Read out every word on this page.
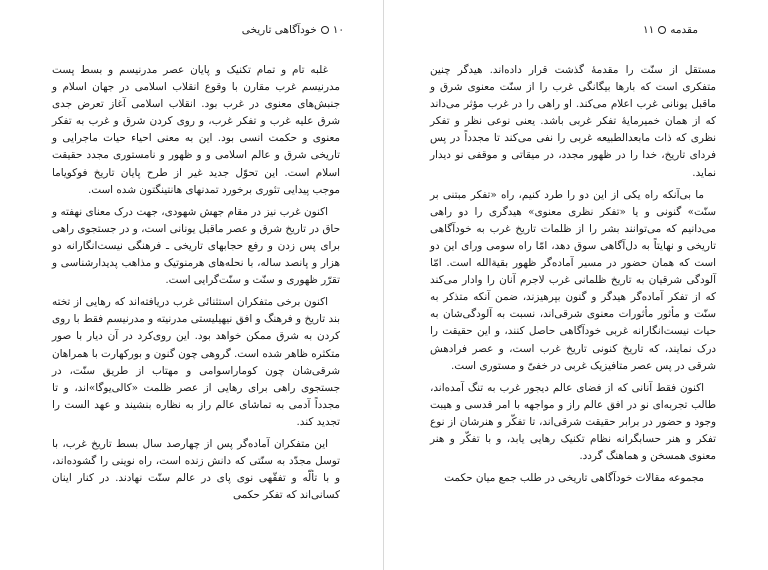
۱۰
خودآگاهی تاریخی

غلبه تام و تمام تکنیک و پایان عصر مدرنیسم و بسط پست مدرنیسم غرب مقارن با وقوع انقلاب اسلامی در جهان اسلام و جنبش‌های معنوی در غرب بود. انقلاب اسلامی آغاز تعرض جدی شرق علیه غرب و تفکر غرب، و روی کردن شرق و غرب به تفکر معنوی و حکمت انسی بود. این به معنی احیاء حیات ماجرایی و تاریخی شرق و عالم اسلامی و و ظهور و نامستوری مجدد حقیقت اسلام است. این تحوّل جدید غیر از طرح پایان تاریخ فوکویاما موجب پیدایی تئوری برخورد تمدنهای هانتینگتون شده است.

اکنون غرب نیز در مقام جهش شهودی، جهت درک معنای نهفته و حاق در تاریخ شرق و عصر ماقبل یونانی است، و در جستجوی راهی برای پس زدن و رفع حجابهای تاریخی ـ فرهنگی نیست‌انگارانه دو هزار و پانصد ساله، با نحله‌های هرمنوتیک و مذاهب پدیدارشناسی و تقرّر ظهوری و سنّت و سنّت‌گرایی است.

اکنون برخی متفکران استثنائی غرب دریافته‌اند که رهایی از تخته بند تاریخ و فرهنگ و افق نیهیلیستی مدرنیته و مدرنیسم فقط با روی کردن به شرق ممکن خواهد بود. این روی‌کرد در آن دیار با صور متکثره ظاهر شده است. گروهی چون گنون و بورکهارت با همراهان شرقی‌شان چون کوماراسوامی و مهتاب از طریق سنّت، در جستجوی راهی برای رهایی از عصر ظلمت «کالی‌یوگا»اند، و تا مجدداً آدمی به تماشای عالم راز به نظاره بنشیند و عهد الست را تجدید کند.

این متفکران آماده‌گر پس از چهارصد سال بسط تاریخ غرب، با توسل مجدّد به سنّتی که دانش زنده است، راه نوینی را گشوده‌اند، و با تألّه و تفقّهی نوی پای در عالم سنّت نهادند. در کنار اینان کسانی‌اند که تفکر حکمی

مقدمه
۱۱

مستقل از سنّت را مقدمهٔ گذشت قرار داده‌اند. هیدگر چنین متفکری است که بارها بیگانگی غرب را از سنّت معنوی شرق و ماقبل یونانی غرب اعلام می‌کند. او راهی را در غرب مؤثر می‌داند که از همان خمیرمایهٔ تفکر غربی باشد. یعنی نوعی نظر و تفکر نظری که ذات مابعدالطبیعه غربی را نفی می‌کند تا مجدداً در پس فردای تاریخ، خدا را در ظهور مجدد، در میقاتی و موقفی نو دیدار نماید.

ما بی‌آنکه راه یکی از این دو را طرد کنیم، راه «تفکر مبتنی بر سنّت» گنونی و یا «تفکر نظری معنوی» هیدگری را دو راهی می‌دانیم که می‌توانند بشر را از ظلمات تاریخ غرب به خودآگاهی تاریخی و نهایتاً به دل‌آگاهی سوق دهد، امّا راه سومی ورای این دو است که همان حضور در مسیر آماده‌گر ظهور بقیةالله است. امّا آلودگی شرقیان به تاریخ ظلمانی غرب لاجرم آنان را وادار می‌کند که از تفکر آماده‌گر هیدگر و گنون بپرهیزند، ضمن آنکه متذکر به سنّت و مأثور مأثورات معنوی شرقی‌اند، نسبت به آلودگی‌شان به حیات نیست‌انگارانه غربی خودآگاهی حاصل کنند، و این حقیقت را درک نمایند، که تاریخ کنونی تاریخ غرب است، و عصر فرادهش شرقی در پس عصر متافیزیک غربی در خفیّ و مستوری است.

اکنون فقط آنانی که از فضای عالم دیجور غرب به تنگ آمده‌اند، طالب تجربه‌ای نو در افق عالم راز و مواجهه با امر قدسی و هیبت وجود و حضور در برابر حقیقت شرقی‌اند، تا تفکّر و هنرشان از نوع تفکر و هنر حسابگرانه نظام تکنیک رهایی یابد، و با تفکّر و هنر معنوی همسخن و هماهنگ گردد.

مجموعه مقالات خودآگاهی تاریخی در طلب جمع میان حکمت
